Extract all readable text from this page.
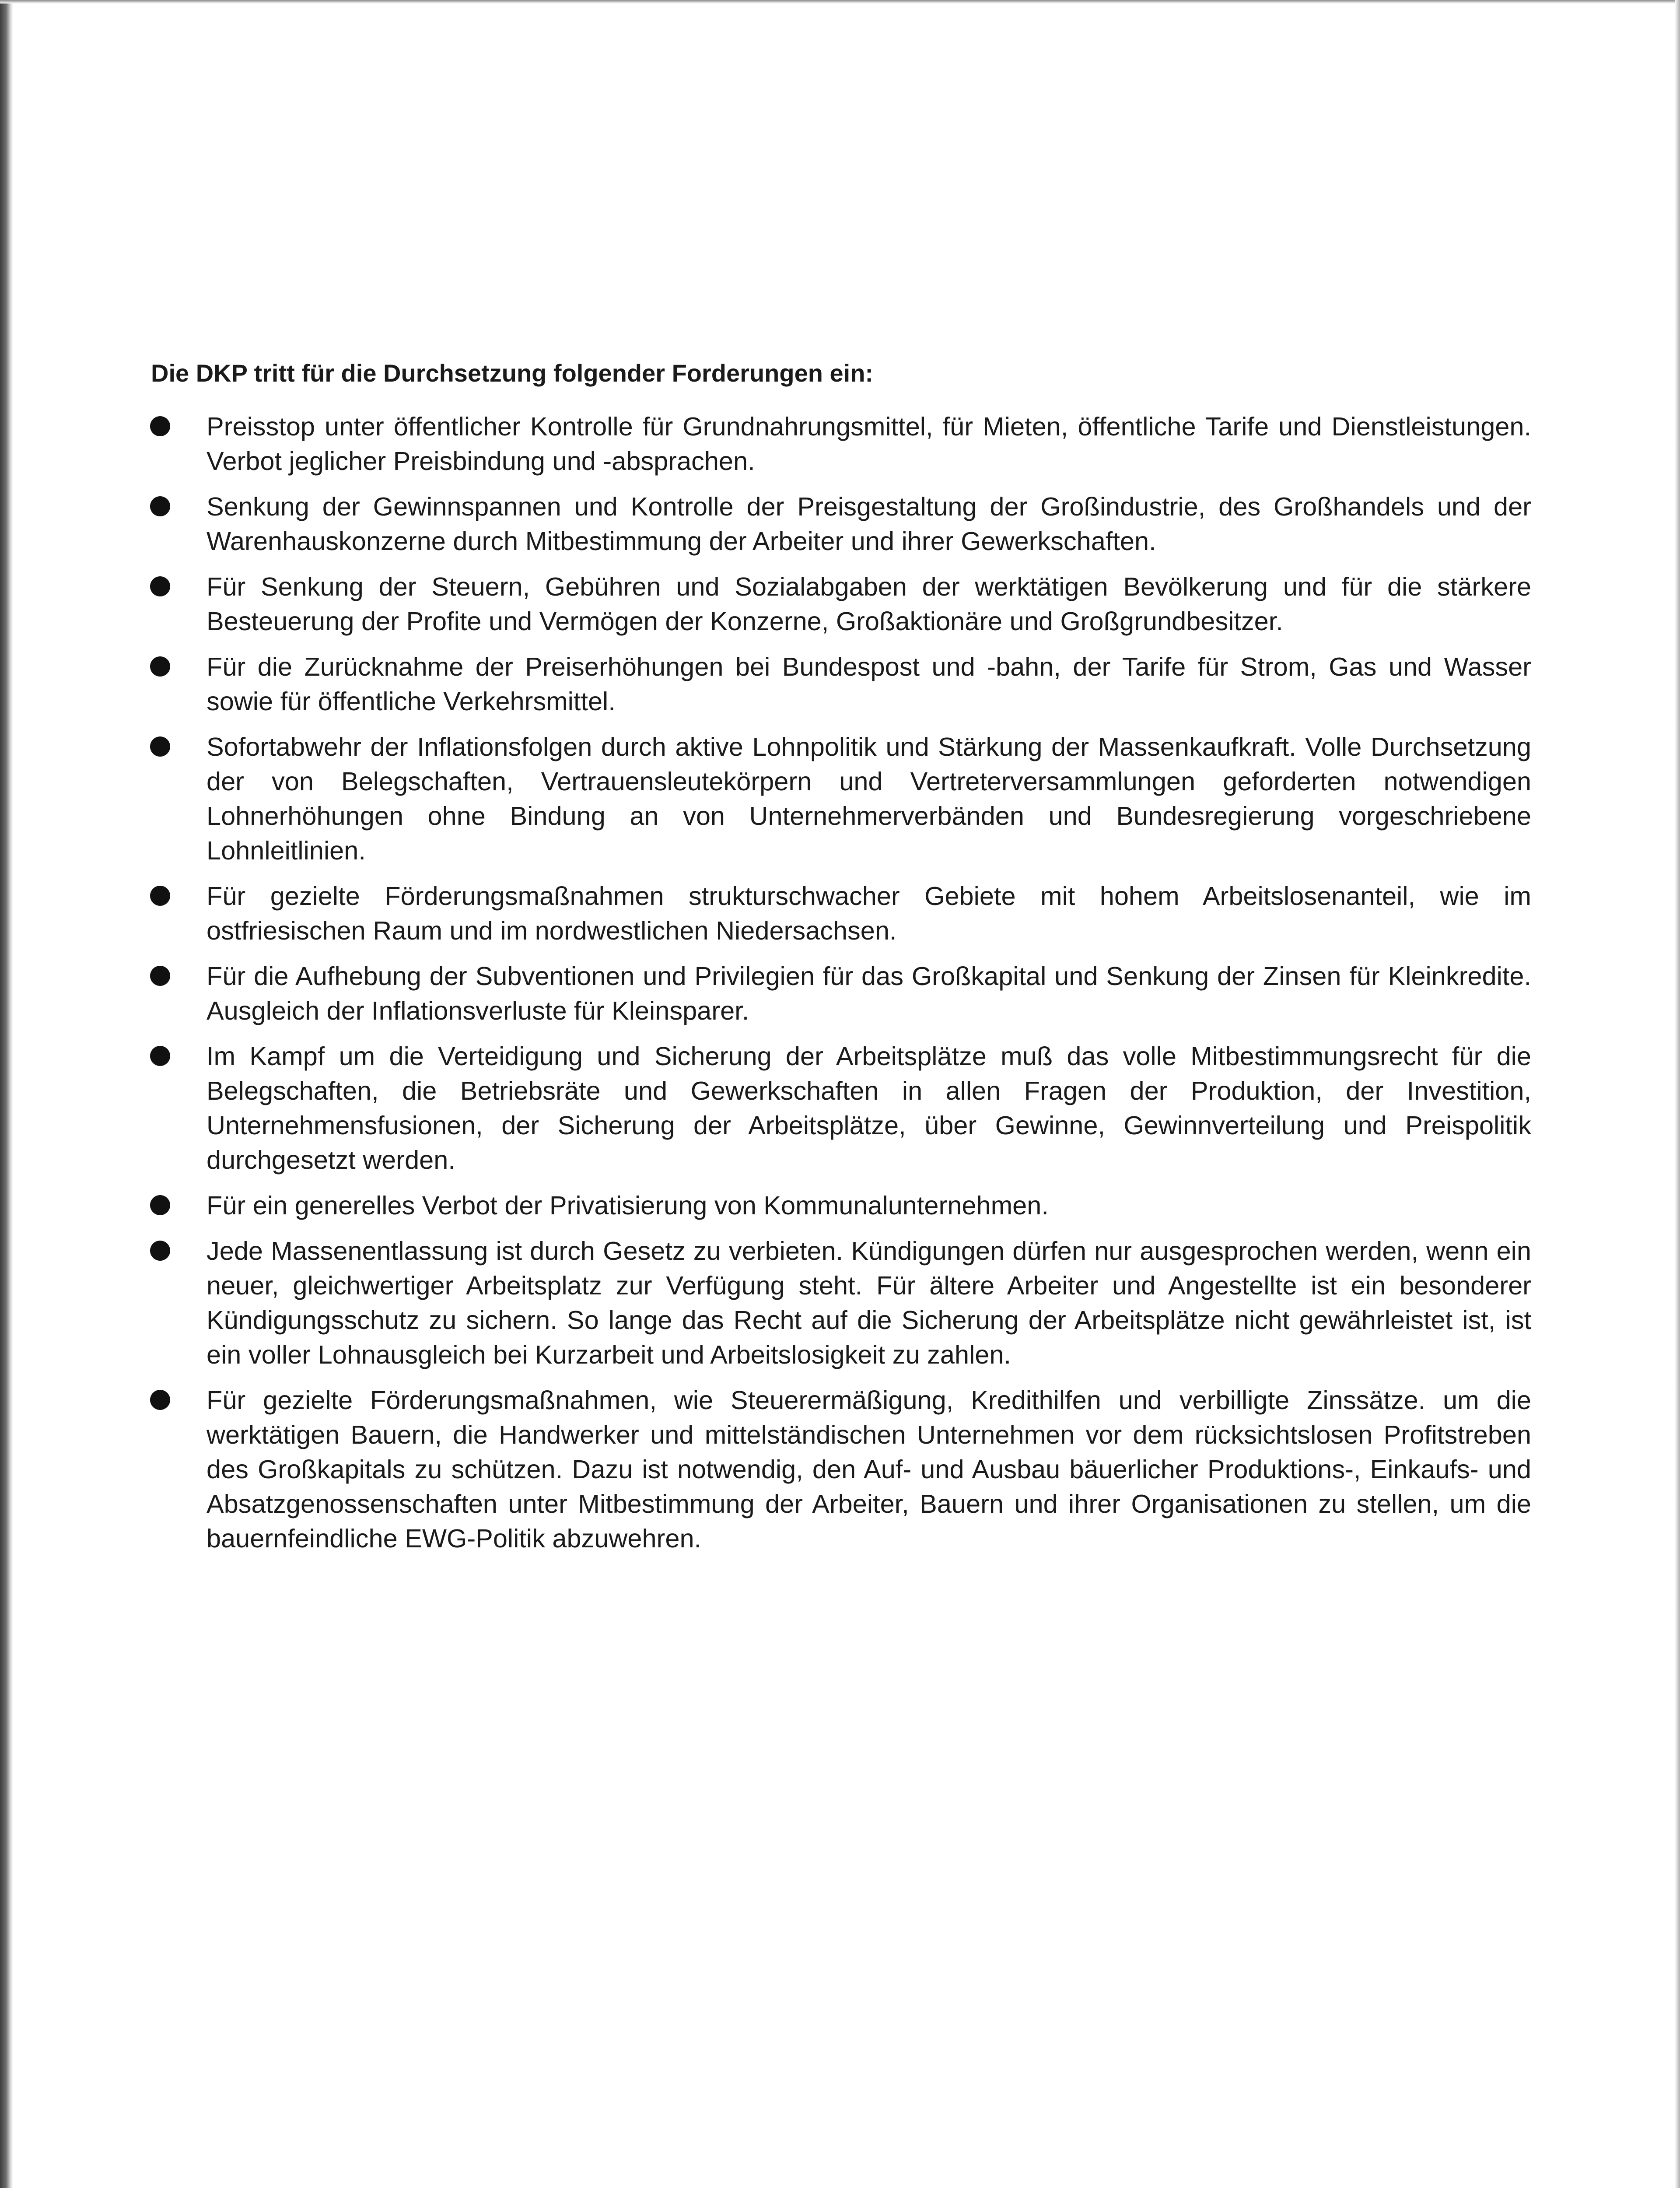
Die DKP tritt für die Durchsetzung folgender Forderungen ein:
Preisstop unter öffentlicher Kontrolle für Grundnahrungsmittel, für Mieten, öffentliche Tarife und Dienstleistungen. Verbot jeglicher Preisbindung und -absprachen.
Senkung der Gewinnspannen und Kontrolle der Preisgestaltung der Großindustrie, des Großhandels und der Warenhauskonzerne durch Mitbestimmung der Arbeiter und ihrer Gewerkschaften.
Für Senkung der Steuern, Gebühren und Sozialabgaben der werktätigen Bevölkerung und für die stärkere Besteuerung der Profite und Vermögen der Konzerne, Großaktionäre und Großgrundbesitzer.
Für die Zurücknahme der Preiserhöhungen bei Bundespost und -bahn, der Tarife für Strom, Gas und Wasser sowie für öffentliche Verkehrsmittel.
Sofortabwehr der Inflationsfolgen durch aktive Lohnpolitik und Stärkung der Massenkaufkraft. Volle Durchsetzung der von Belegschaften, Vertrauensleutekörpern und Vertreterversammlungen geforderten notwendigen Lohnerhöhungen ohne Bindung an von Unternehmerverbänden und Bundesregierung vorgeschriebene Lohnleitlinien.
Für gezielte Förderungsmaßnahmen strukturschwacher Gebiete mit hohem Arbeitslosenanteil, wie im ostfriesischen Raum und im nordwestlichen Niedersachsen.
Für die Aufhebung der Subventionen und Privilegien für das Großkapital und Senkung der Zinsen für Kleinkredite. Ausgleich der Inflationsverluste für Kleinsparer.
Im Kampf um die Verteidigung und Sicherung der Arbeitsplätze muß das volle Mitbestimmungsrecht für die Belegschaften, die Betriebsräte und Gewerkschaften in allen Fragen der Produktion, der Investition, Unternehmensfusionen, der Sicherung der Arbeitsplätze, über Gewinne, Gewinnverteilung und Preispolitik durchgesetzt werden.
Für ein generelles Verbot der Privatisierung von Kommunalunternehmen.
Jede Massenentlassung ist durch Gesetz zu verbieten. Kündigungen dürfen nur ausgesprochen werden, wenn ein neuer, gleichwertiger Arbeitsplatz zur Verfügung steht. Für ältere Arbeiter und Angestellte ist ein besonderer Kündigungsschutz zu sichern. So lange das Recht auf die Sicherung der Arbeitsplätze nicht gewährleistet ist, ist ein voller Lohnausgleich bei Kurzarbeit und Arbeitslosigkeit zu zahlen.
Für gezielte Förderungsmaßnahmen, wie Steuerermäßigung, Kredithilfen und verbilligte Zinssätze. um die werktätigen Bauern, die Handwerker und mittelständischen Unternehmen vor dem rücksichtslosen Profitstreben des Großkapitals zu schützen. Dazu ist notwendig, den Auf- und Ausbau bäuerlicher Produktions-, Einkaufs- und Absatzgenossenschaften unter Mitbestimmung der Arbeiter, Bauern und ihrer Organisationen zu stellen, um die bauernfeindliche EWG-Politik abzuwehren.
